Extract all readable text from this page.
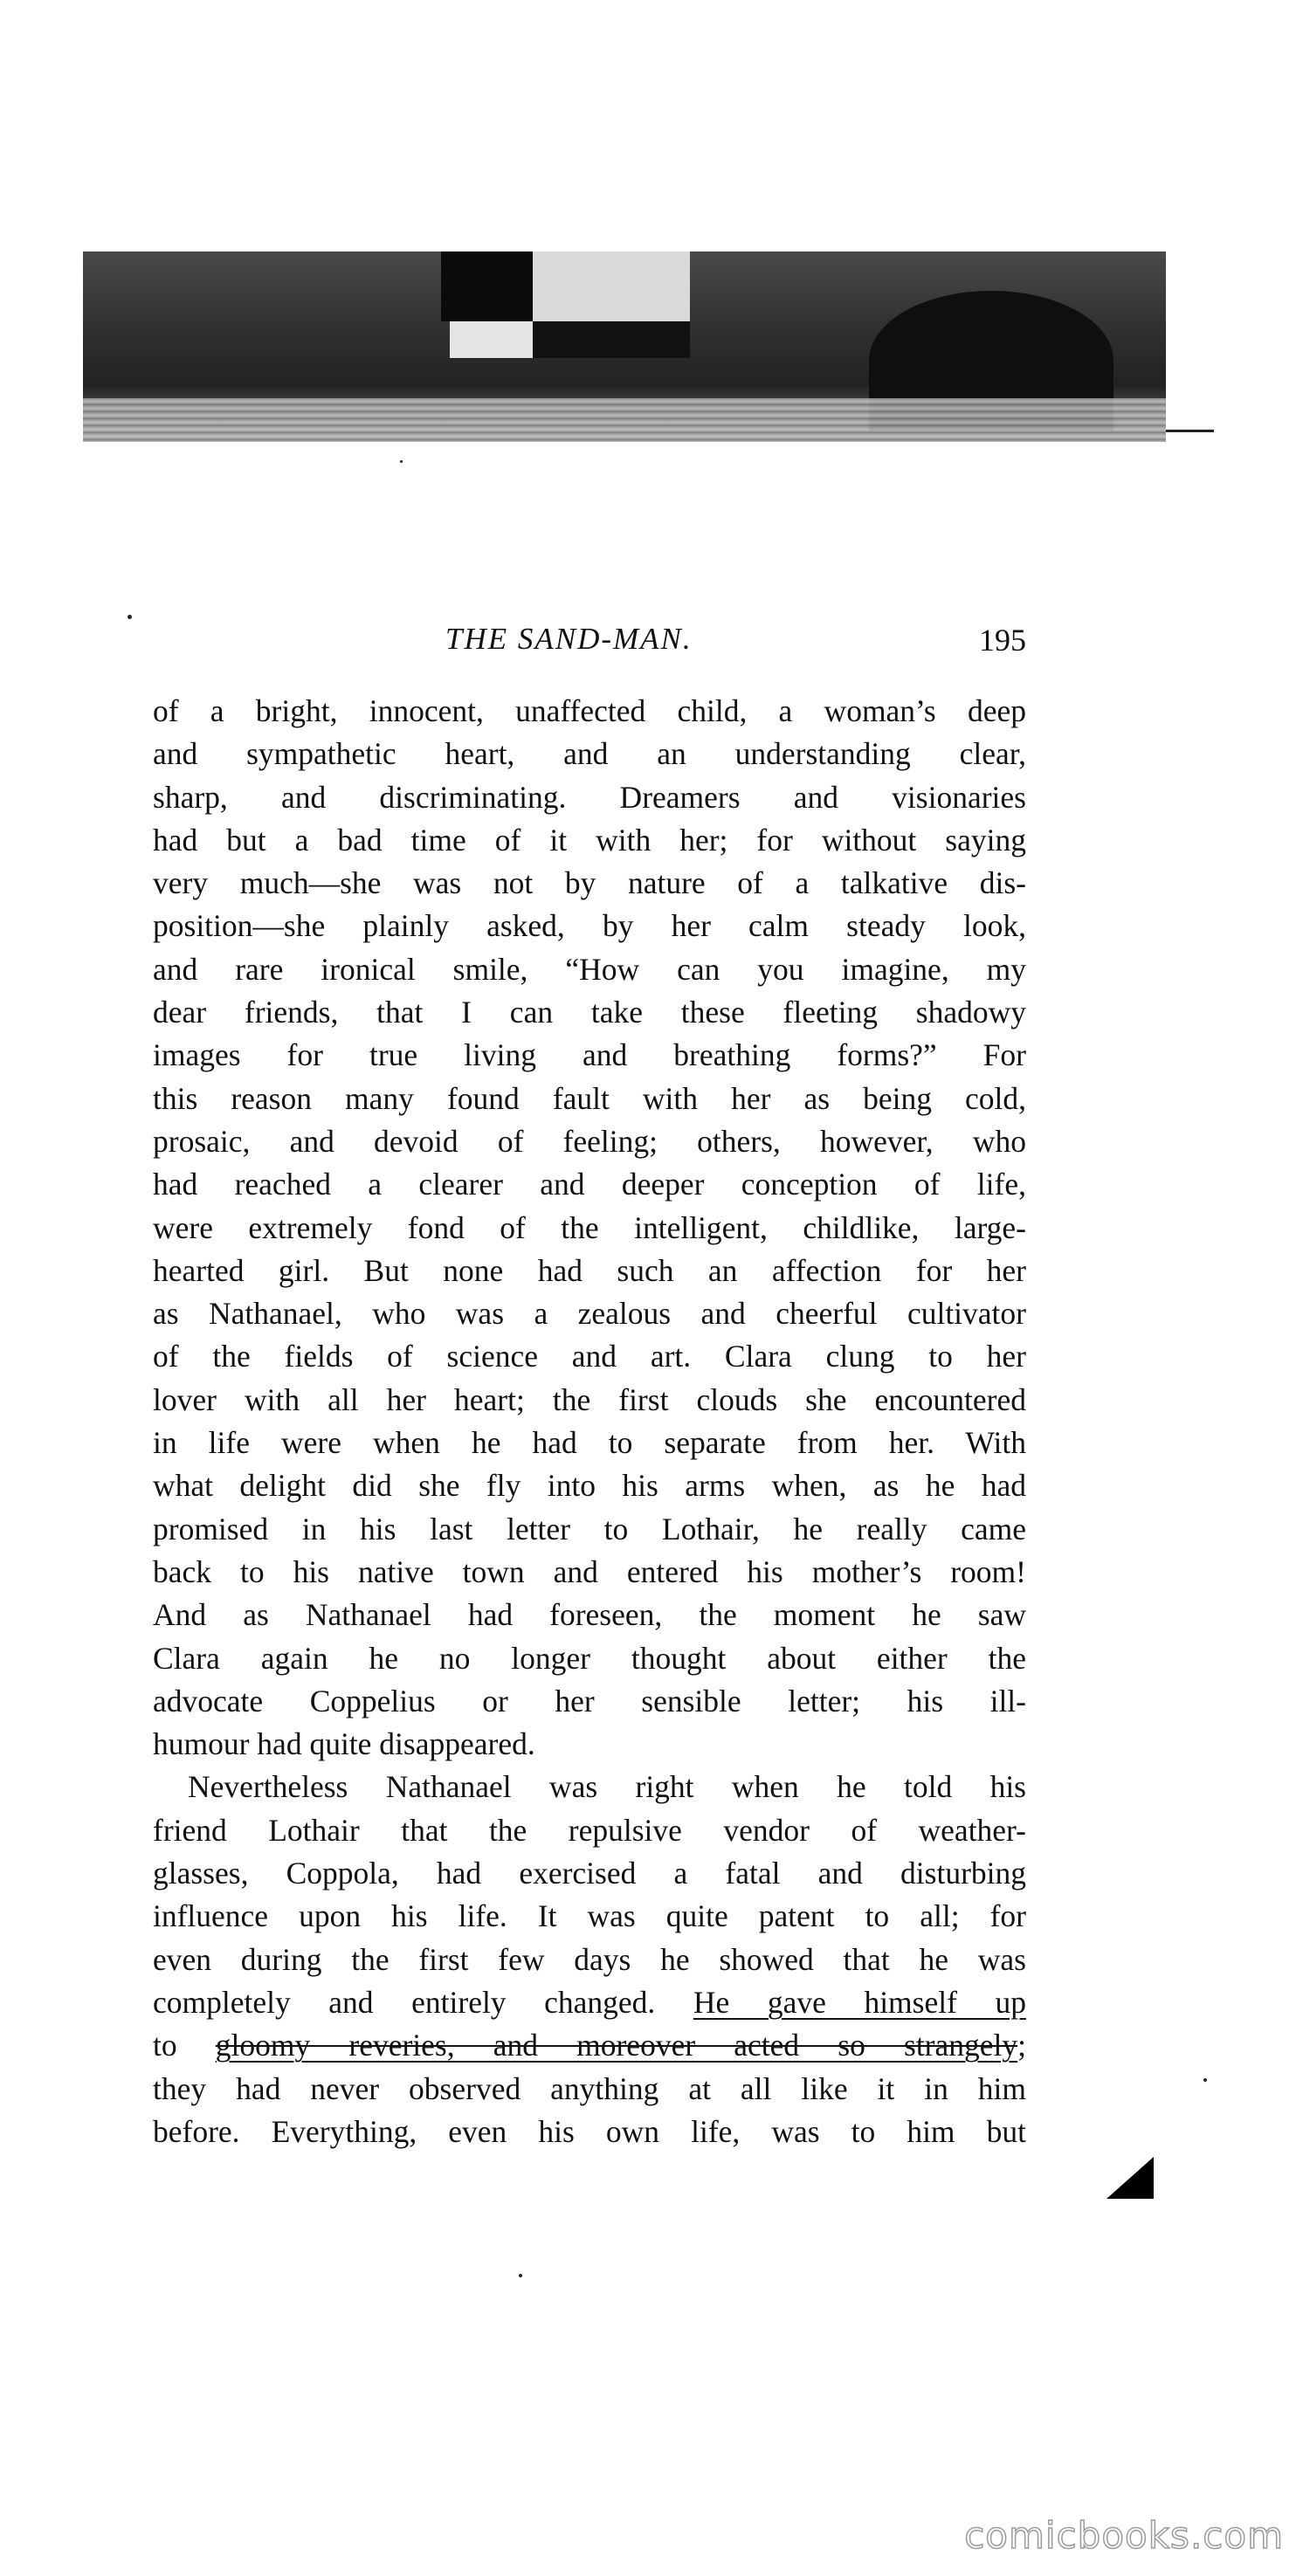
THE SAND-MAN.	195
of a bright, innocent, unaffected child, a woman’s deep
and sympathetic heart, and an understanding clear,
sharp, and discriminating. Dreamers and visionaries
had but a bad time of it with her; for without saying
very much—she was not by nature of a talkative dis-
position—she plainly asked, by her calm steady look,
and rare ironical smile, “How can you imagine, my
dear friends, that I can take these fleeting shadowy
images for true living and breathing forms?” For
this reason many found fault with her as being cold,
prosaic, and devoid of feeling; others, however, who
had reached a clearer and deeper conception of life,
were extremely fond of the intelligent, childlike, large-
hearted girl. But none had such an affection for her
as Nathanael, who was a zealous and cheerful cultivator
of the fields of science and art. Clara clung to her
lover with all her heart; the first clouds she encountered
in life were when he had to separate from her. With
what delight did she fly into his arms when, as he had
promised in his last letter to Lothair, he really came
back to his native town and entered his mother’s room!
And as Nathanael had foreseen, the moment he saw
Clara again he no longer thought about either the
advocate Coppelius or her sensible letter; his ill-
humour had quite disappeared.
Nevertheless Nathanael was right when he told his
friend Lothair that the repulsive vendor of weather-
glasses, Coppola, had exercised a fatal and disturbing
influence upon his life. It was quite patent to all; for
even during the first few days he showed that he was
completely and entirely changed. He gave himself up
to gloomy reveries, and moreover acted so strangely;
they had never observed anything at all like it in him
before. Everything, even his own life, was to him but
comicbooks.com
